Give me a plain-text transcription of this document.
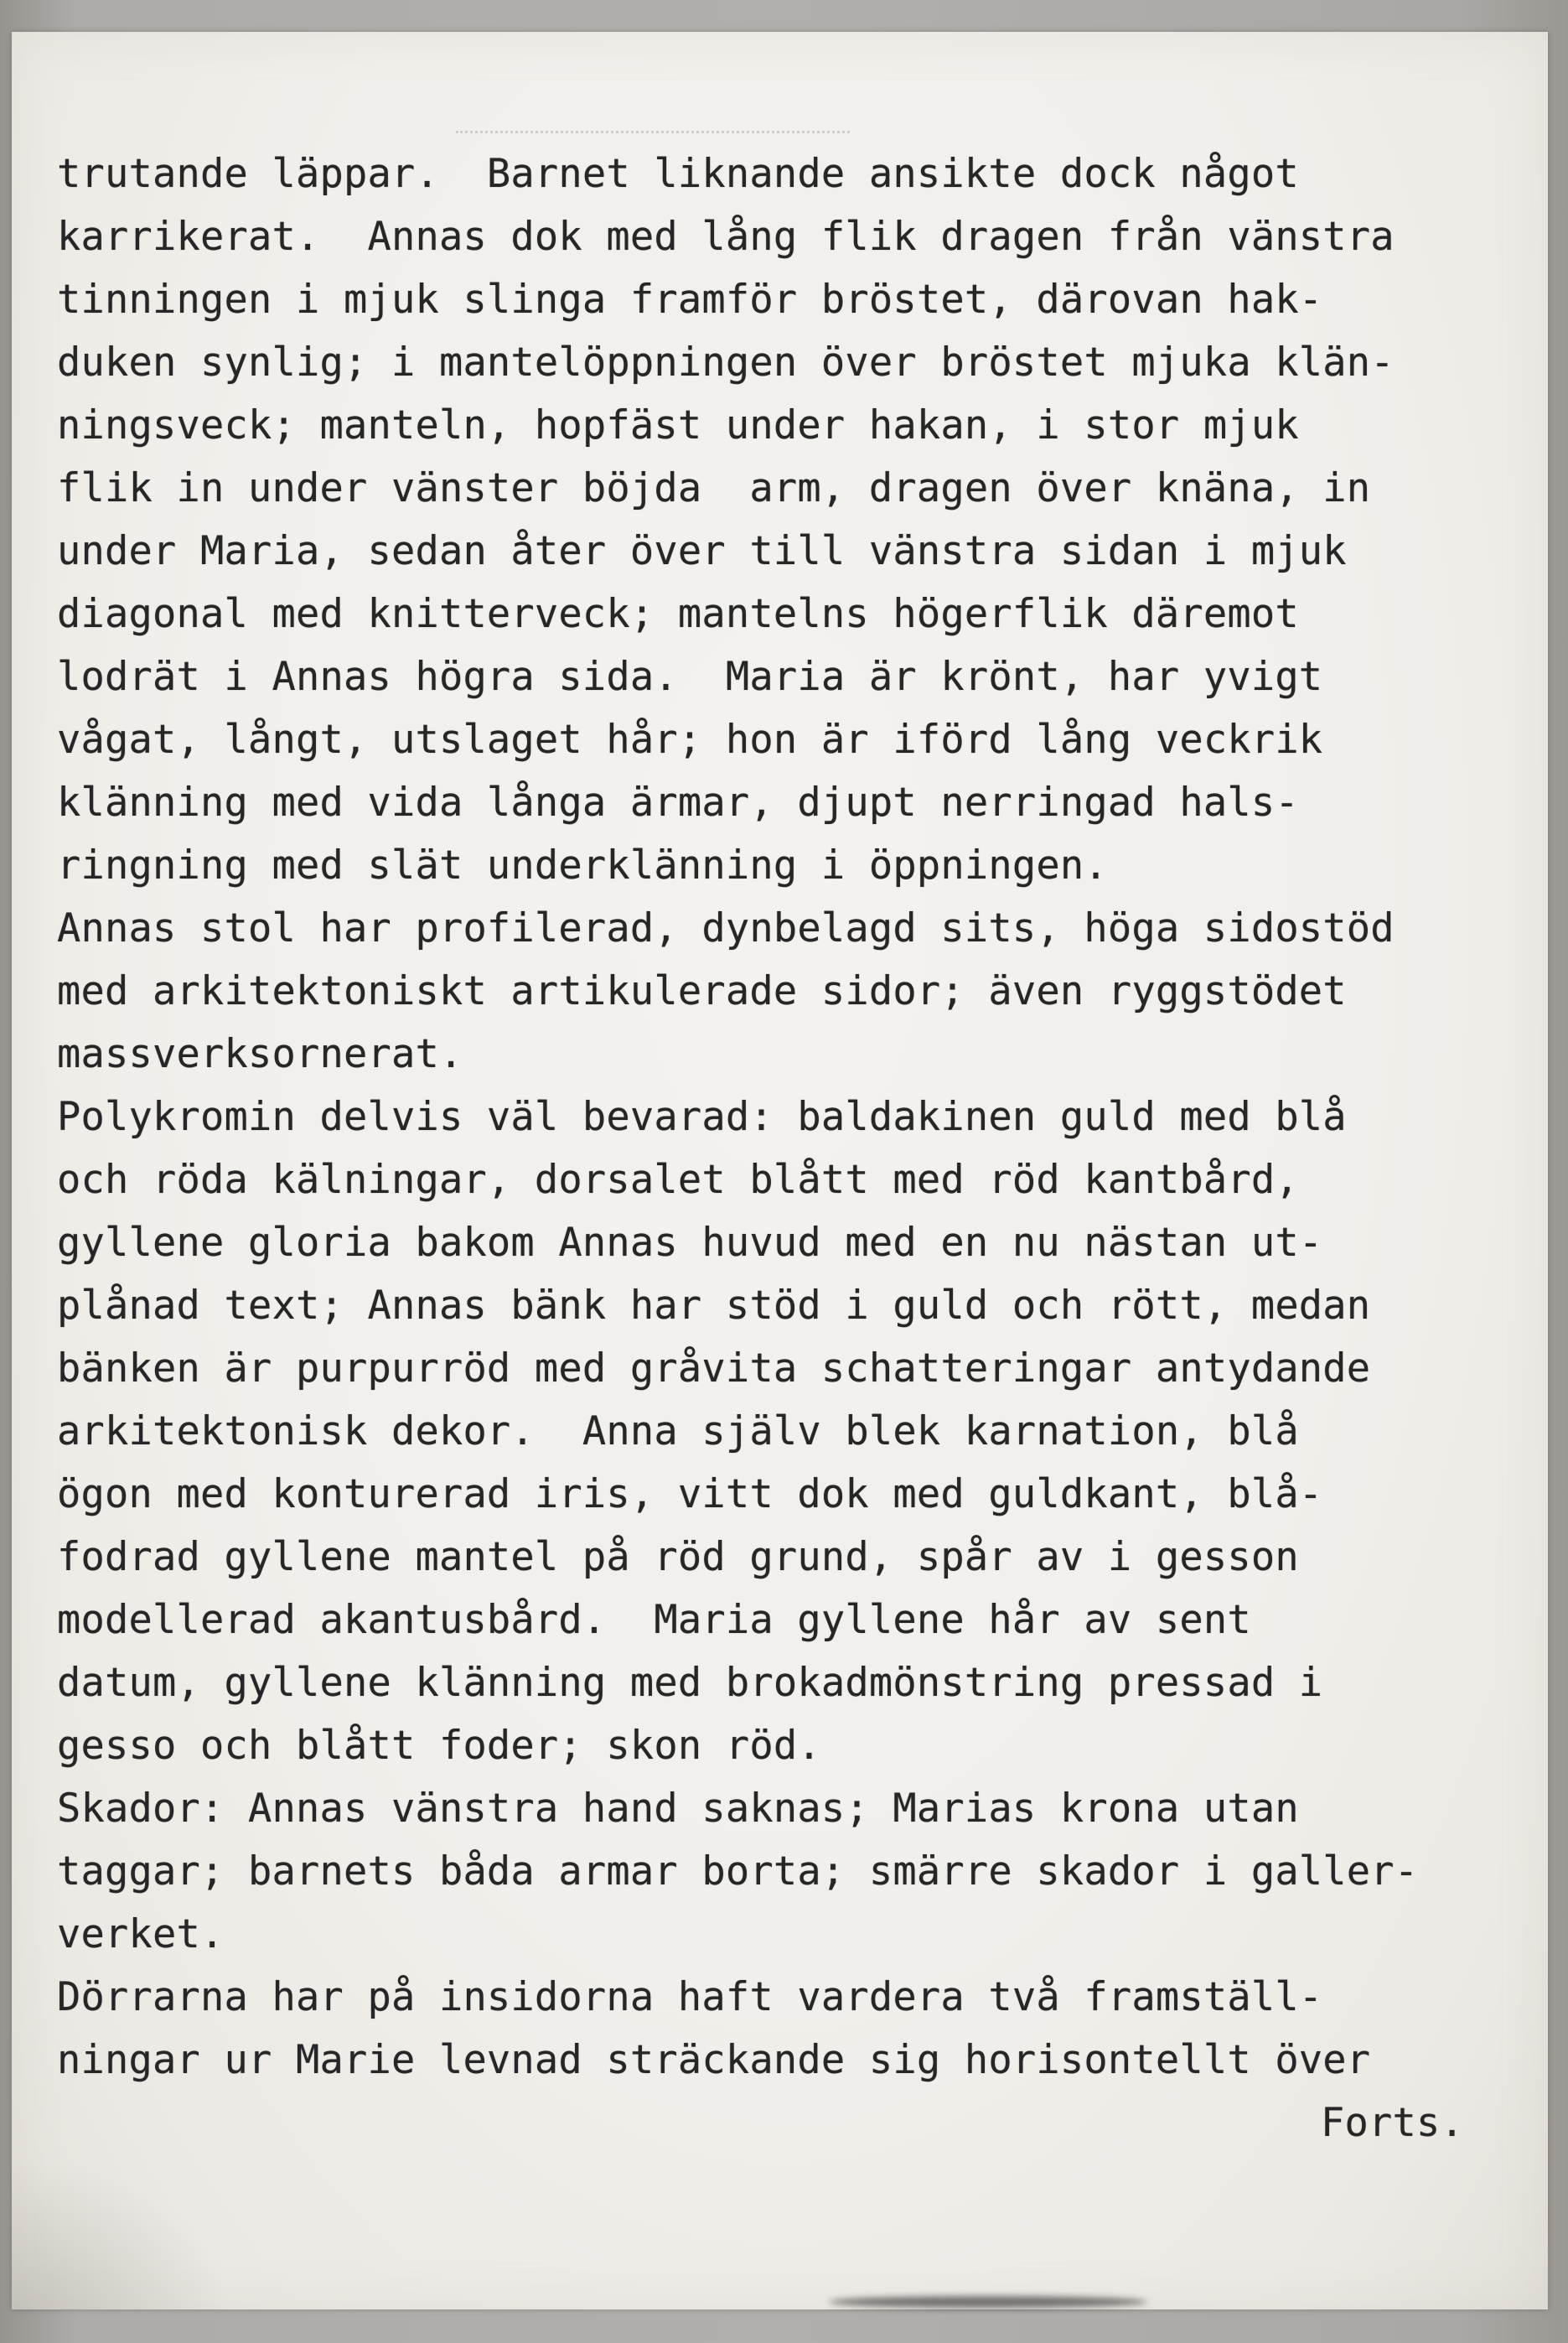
trutande läppar.  Barnet liknande ansikte dock något
karrikerat.  Annas dok med lång flik dragen från vänstra
tinningen i mjuk slinga framför bröstet, därovan hak-
duken synlig; i mantelöppningen över bröstet mjuka klän-
ningsveck; manteln, hopfäst under hakan, i stor mjuk
flik in under vänster böjda  arm, dragen över knäna, in
under Maria, sedan åter över till vänstra sidan i mjuk
diagonal med knitterveck; mantelns högerflik däremot
lodrät i Annas högra sida.  Maria är krönt, har yvigt
vågat, långt, utslaget hår; hon är iförd lång veckrik
klänning med vida långa ärmar, djupt nerringad hals-
ringning med slät underklänning i öppningen.
Annas stol har profilerad, dynbelagd sits, höga sidostöd
med arkitektoniskt artikulerade sidor; även ryggstödet
massverksornerat.
Polykromin delvis väl bevarad: baldakinen guld med blå
och röda kälningar, dorsalet blått med röd kantbård,
gyllene gloria bakom Annas huvud med en nu nästan ut-
plånad text; Annas bänk har stöd i guld och rött, medan
bänken är purpurröd med gråvita schatteringar antydande
arkitektonisk dekor.  Anna själv blek karnation, blå
ögon med konturerad iris, vitt dok med guldkant, blå-
fodrad gyllene mantel på röd grund, spår av i gesson
modellerad akantusbård.  Maria gyllene hår av sent
datum, gyllene klänning med brokadmönstring pressad i
gesso och blått foder; skon röd.
Skador: Annas vänstra hand saknas; Marias krona utan
taggar; barnets båda armar borta; smärre skador i galler-
verket.
Dörrarna har på insidorna haft vardera två framställ-
ningar ur Marie levnad sträckande sig horisontellt över
Forts.
